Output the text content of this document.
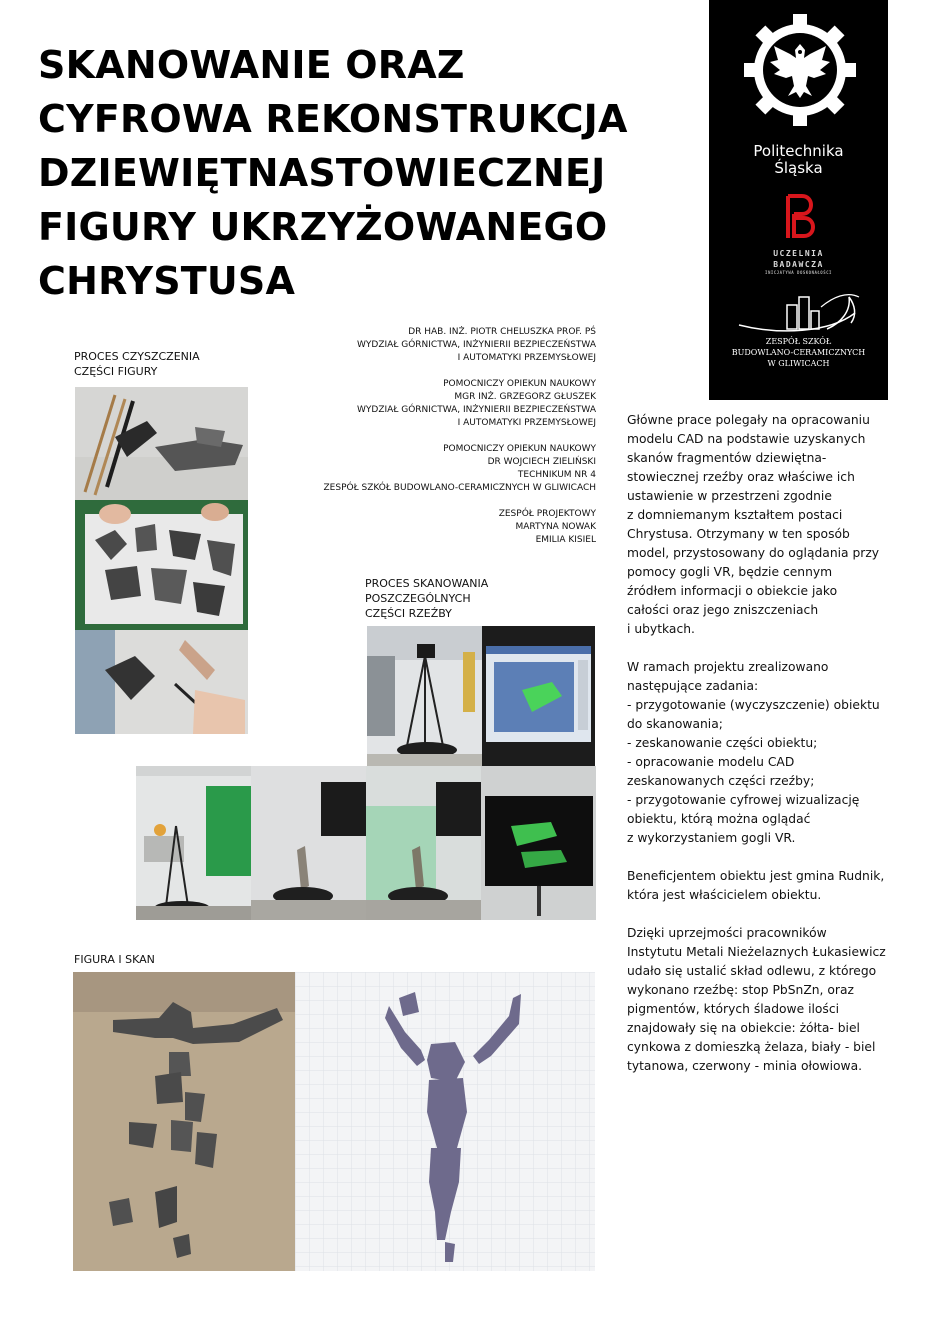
SKANOWANIE ORAZ
CYFROWA REKONSTRUKCJA
DZIEWIĘTNASTOWIECZNEJ
FIGURY UKRZYŻOWANEGO
CHRYSTUSA
Politechnika
Śląska
UCZELNIA
BADAWCZA
INICJATYWA DOSKONAŁOŚCI
ZESPÓŁ SZKÓŁ
BUDOWLANO-CERAMICZNYCH
W GLIWICACH
DR HAB. INŻ. PIOTR CHELUSZKA PROF. PŚ
WYDZIAŁ GÓRNICTWA, INŻYNIERII BEZPIECZEŃSTWA
I AUTOMATYKI PRZEMYSŁOWEJ
POMOCNICZY OPIEKUN NAUKOWY
MGR INŻ. GRZEGORZ GŁUSZEK
WYDZIAŁ GÓRNICTWA, INŻYNIERII BEZPIECZEŃSTWA
I AUTOMATYKI PRZEMYSŁOWEJ
POMOCNICZY OPIEKUN NAUKOWY
DR WOJCIECH ZIELIŃSKI
TECHNIKUM NR 4
ZESPÓŁ SZKÓŁ BUDOWLANO-CERAMICZNYCH W GLIWICACH
ZESPÓŁ PROJEKTOWY
MARTYNA NOWAK
EMILIA KISIEL
PROCES CZYSZCZENIA
CZĘŚCI FIGURY
PROCES SKANOWANIA
POSZCZEGÓLNYCH
CZĘŚCI RZEŹBY
FIGURA I SKAN

Główne prace polegały na opracowaniu
modelu CAD na podstawie uzyskanych
skanów fragmentów dziewiętna-
stowiecznej rzeźby oraz właściwe ich
ustawienie w przestrzeni zgodnie
z domniemanym kształtem postaci
Chrystusa. Otrzymany w ten sposób
model, przystosowany do oglądania przy
pomocy gogli VR, będzie cennym
źródłem informacji o obiekcie jako
całości oraz jego zniszczeniach
i ubytkach.

W ramach projektu zrealizowano
następujące zadania:
- przygotowanie (wyczyszczenie) obiektu
do skanowania;
- zeskanowanie części obiektu;
- opracowanie modelu CAD
zeskanowanych części rzeźby;
- przygotowanie cyfrowej wizualizację
obiektu, którą można oglądać
z wykorzystaniem gogli VR.

Beneficjentem obiektu jest gmina Rudnik,
która jest właścicielem obiektu.

Dzięki uprzejmości pracowników
Instytutu Metali Nieżelaznych Łukasiewicz
udało się ustalić skład odlewu, z którego
wykonano rzeźbę: stop PbSnZn, oraz
pigmentów, których śladowe ilości
znajdowały się na obiekcie: żółta- biel
cynkowa z domieszką żelaza, biały - biel
tytanowa, czerwony - minia ołowiowa.
